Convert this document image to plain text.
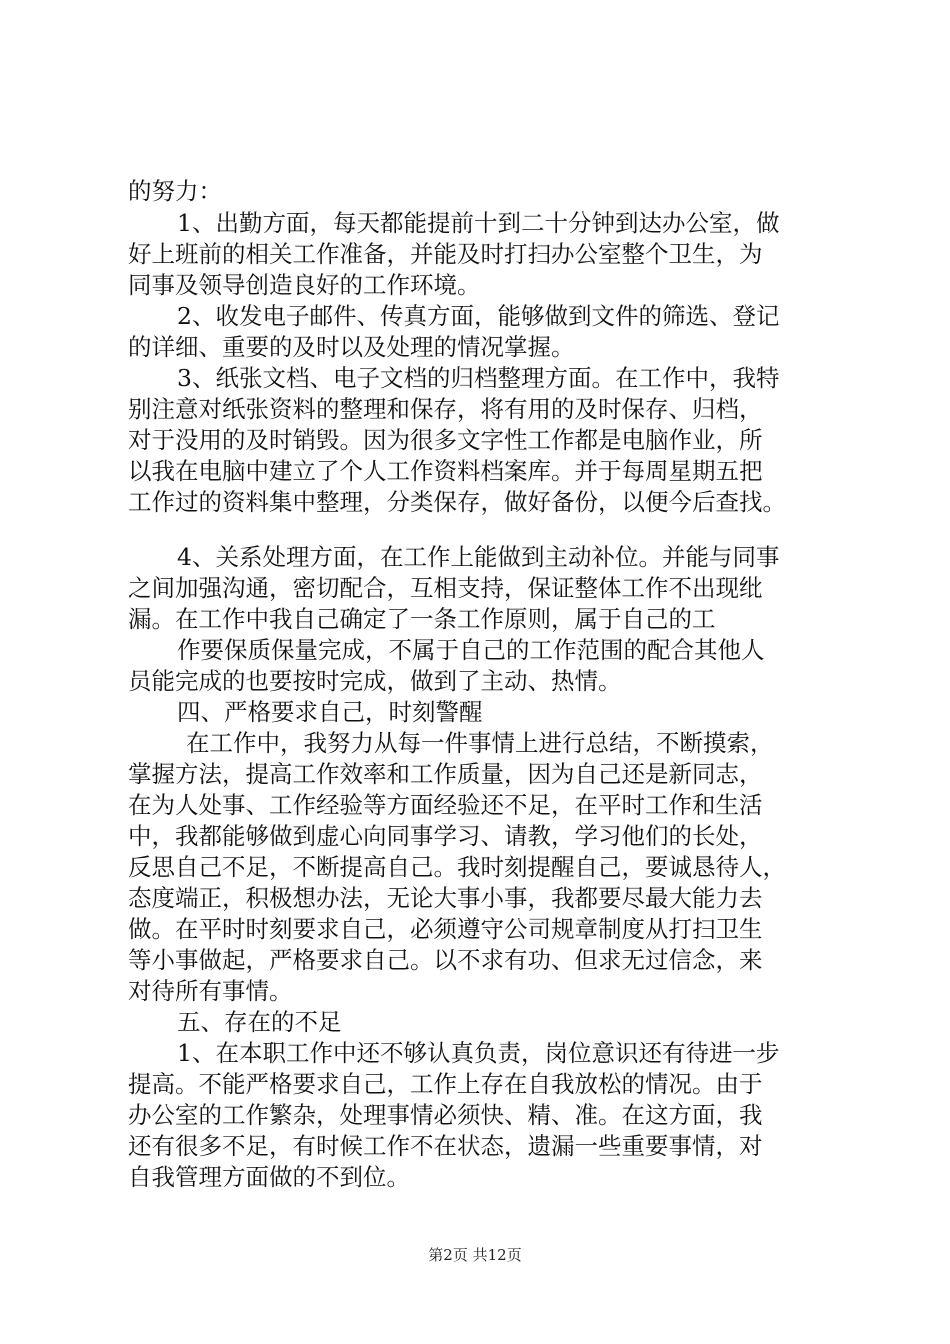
的努力：
1、出勤方面，每天都能提前十到二十分钟到达办公室，做
好上班前的相关工作准备，并能及时打扫办公室整个卫生，为
同事及领导创造良好的工作环境。
2、收发电子邮件、传真方面，能够做到文件的筛选、登记
的详细、重要的及时以及处理的情况掌握。
3、纸张文档、电子文档的归档整理方面。在工作中，我特
别注意对纸张资料的整理和保存，将有用的及时保存、归档，
对于没用的及时销毁。因为很多文字性工作都是电脑作业，所
以我在电脑中建立了个人工作资料档案库。并于每周星期五把
工作过的资料集中整理，分类保存，做好备份，以便今后查找。
4、关系处理方面，在工作上能做到主动补位。并能与同事
之间加强沟通，密切配合，互相支持，保证整体工作不出现纰
漏。在工作中我自己确定了一条工作原则，属于自己的工
作要保质保量完成，不属于自己的工作范围的配合其他人
员能完成的也要按时完成，做到了主动、热情。
四、严格要求自己，时刻警醒
在工作中，我努力从每一件事情上进行总结，不断摸索，
掌握方法，提高工作效率和工作质量，因为自己还是新同志，
在为人处事、工作经验等方面经验还不足，在平时工作和生活
中，我都能够做到虚心向同事学习、请教，学习他们的长处，
反思自己不足，不断提高自己。我时刻提醒自己，要诚恳待人，
态度端正，积极想办法，无论大事小事，我都要尽最大能力去
做。在平时时刻要求自己，必须遵守公司规章制度从打扫卫生
等小事做起，严格要求自己。以不求有功、但求无过信念，来
对待所有事情。
五、存在的不足
1、在本职工作中还不够认真负责，岗位意识还有待进一步
提高。不能严格要求自己，工作上存在自我放松的情况。由于
办公室的工作繁杂，处理事情必须快、精、准。在这方面，我
还有很多不足，有时候工作不在状态，遗漏一些重要事情，对
自我管理方面做的不到位。
第2页 共12页
